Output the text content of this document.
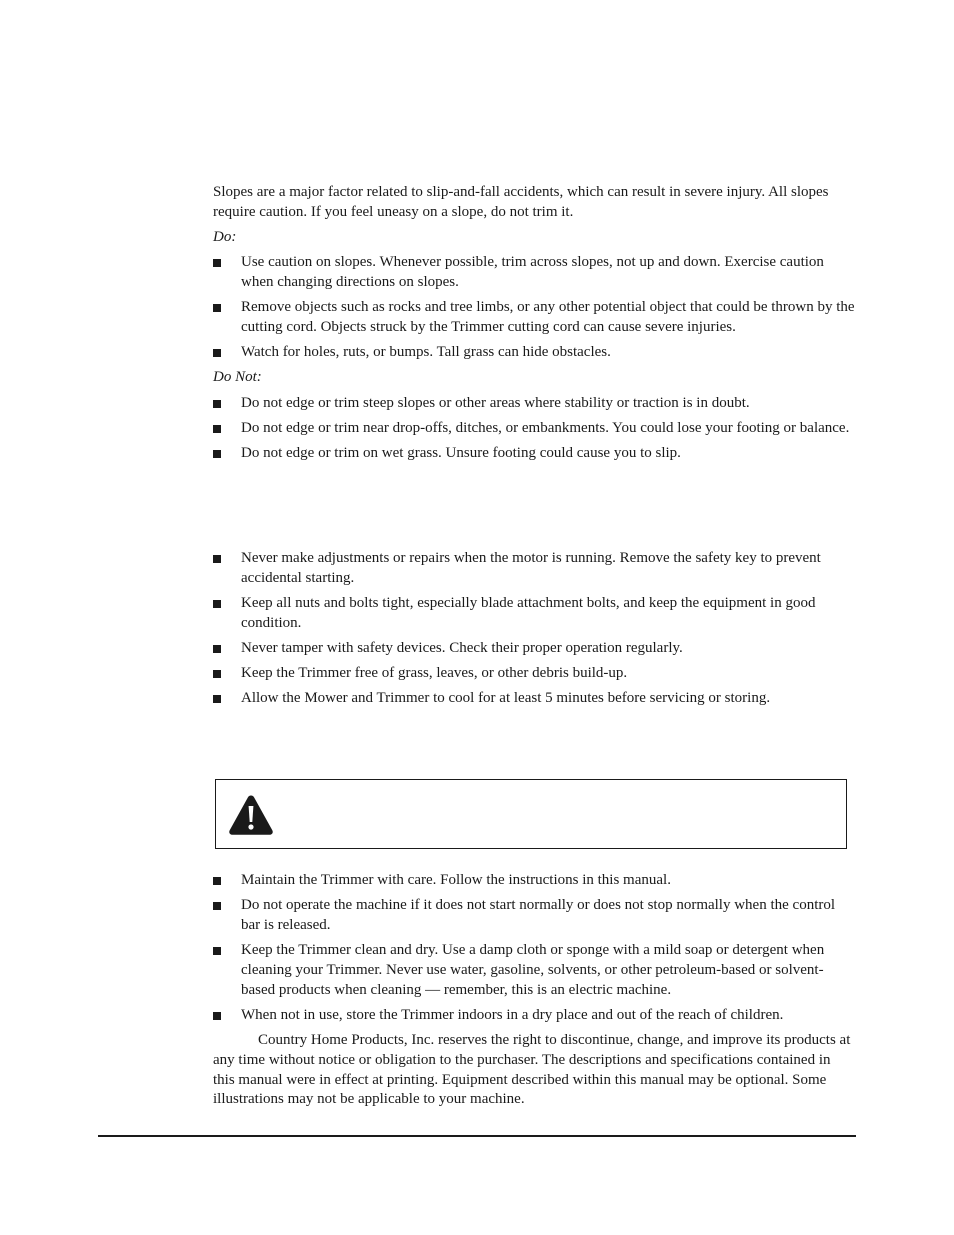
Slopes are a major factor related to slip-and-fall accidents, which can result in severe injury. All slopes require caution. If you feel uneasy on a slope, do not trim it.

Do:

Use caution on slopes. Whenever possible, trim across slopes, not up and down. Exercise caution when changing directions on slopes.
Remove objects such as rocks and tree limbs, or any other potential object that could be thrown by the cutting cord. Objects struck by the Trimmer cutting cord can cause severe injuries.
Watch for holes, ruts, or bumps. Tall grass can hide obstacles.

Do Not:

Do not edge or trim steep slopes or other areas where stability or traction is in doubt.
Do not edge or trim near drop-offs, ditches, or embankments. You could lose your footing or balance.
Do not edge or trim on wet grass. Unsure footing could cause you to slip.
Never make adjustments or repairs when the motor is running. Remove the safety key to prevent accidental starting.
Keep all nuts and bolts tight, especially blade attachment bolts, and keep the equipment in good condition.
Never tamper with safety devices. Check their proper operation regularly.
Keep the Trimmer free of grass, leaves, or other debris build-up.
Allow the Mower and Trimmer to cool for at least 5 minutes before servicing or storing.
Maintain the Trimmer with care. Follow the instructions in this manual.
Do not operate the machine if it does not start normally or does not stop normally when the control bar is released.
Keep the Trimmer clean and dry. Use a damp cloth or sponge with a mild soap or detergent when cleaning your Trimmer. Never use water, gasoline, solvents, or other petroleum-based or solvent-based products when cleaning — remember, this is an electric machine.
When not in use, store the Trimmer indoors in a dry place and out of the reach of children.

Country Home Products, Inc. reserves the right to discontinue, change, and improve its products at any time without notice or obligation to the purchaser. The descriptions and specifications contained in this manual were in effect at printing. Equipment described within this manual may be optional. Some illustrations may not be applicable to your machine.
